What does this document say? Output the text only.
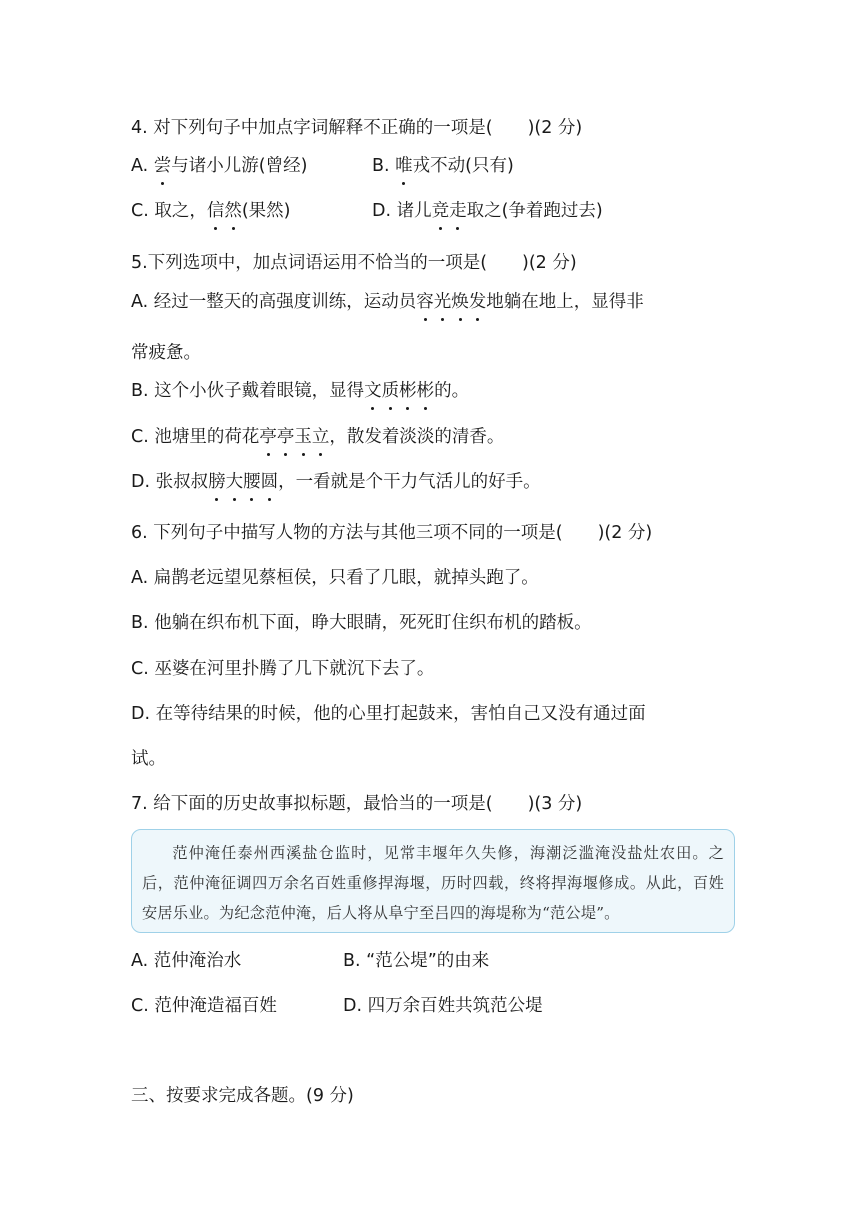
4. 对下列句子中加点字词解释不正确的一项是(　　)(2 分)
A. 尝与诸小儿游(曾经)	B. 唯戎不动(只有)
C. 取之，信然(果然)	D. 诸儿竞走取之(争着跑过去)
5.下列选项中，加点词语运用不恰当的一项是(　　)(2 分)
A. 经过一整天的高强度训练，运动员容光焕发地躺在地上，显得非
常疲惫。
B. 这个小伙子戴着眼镜，显得文质彬彬的。
C. 池塘里的荷花亭亭玉立，散发着淡淡的清香。
D. 张叔叔膀大腰圆，一看就是个干力气活儿的好手。
6. 下列句子中描写人物的方法与其他三项不同的一项是(　　)(2 分)
A. 扁鹊老远望见蔡桓侯，只看了几眼，就掉头跑了。
B. 他躺在织布机下面，睁大眼睛，死死盯住织布机的踏板。
C. 巫婆在河里扑腾了几下就沉下去了。
D. 在等待结果的时候，他的心里打起鼓来，害怕自己又没有通过面
试。
7. 给下面的历史故事拟标题，最恰当的一项是(　　)(3 分)

范仲淹任泰州西溪盐仓监时，见常丰堰年久失修，海潮泛滥淹没盐灶农田。之后，范仲淹征调四万余名百姓重修捍海堰，历时四载，终将捍海堰修成。从此，百姓安居乐业。为纪念范仲淹，后人将从阜宁至吕四的海堤称为“范公堤”。

A. 范仲淹治水	B. “范公堤”的由来
C. 范仲淹造福百姓	D. 四万余百姓共筑范公堤
三、按要求完成各题。(9 分)
